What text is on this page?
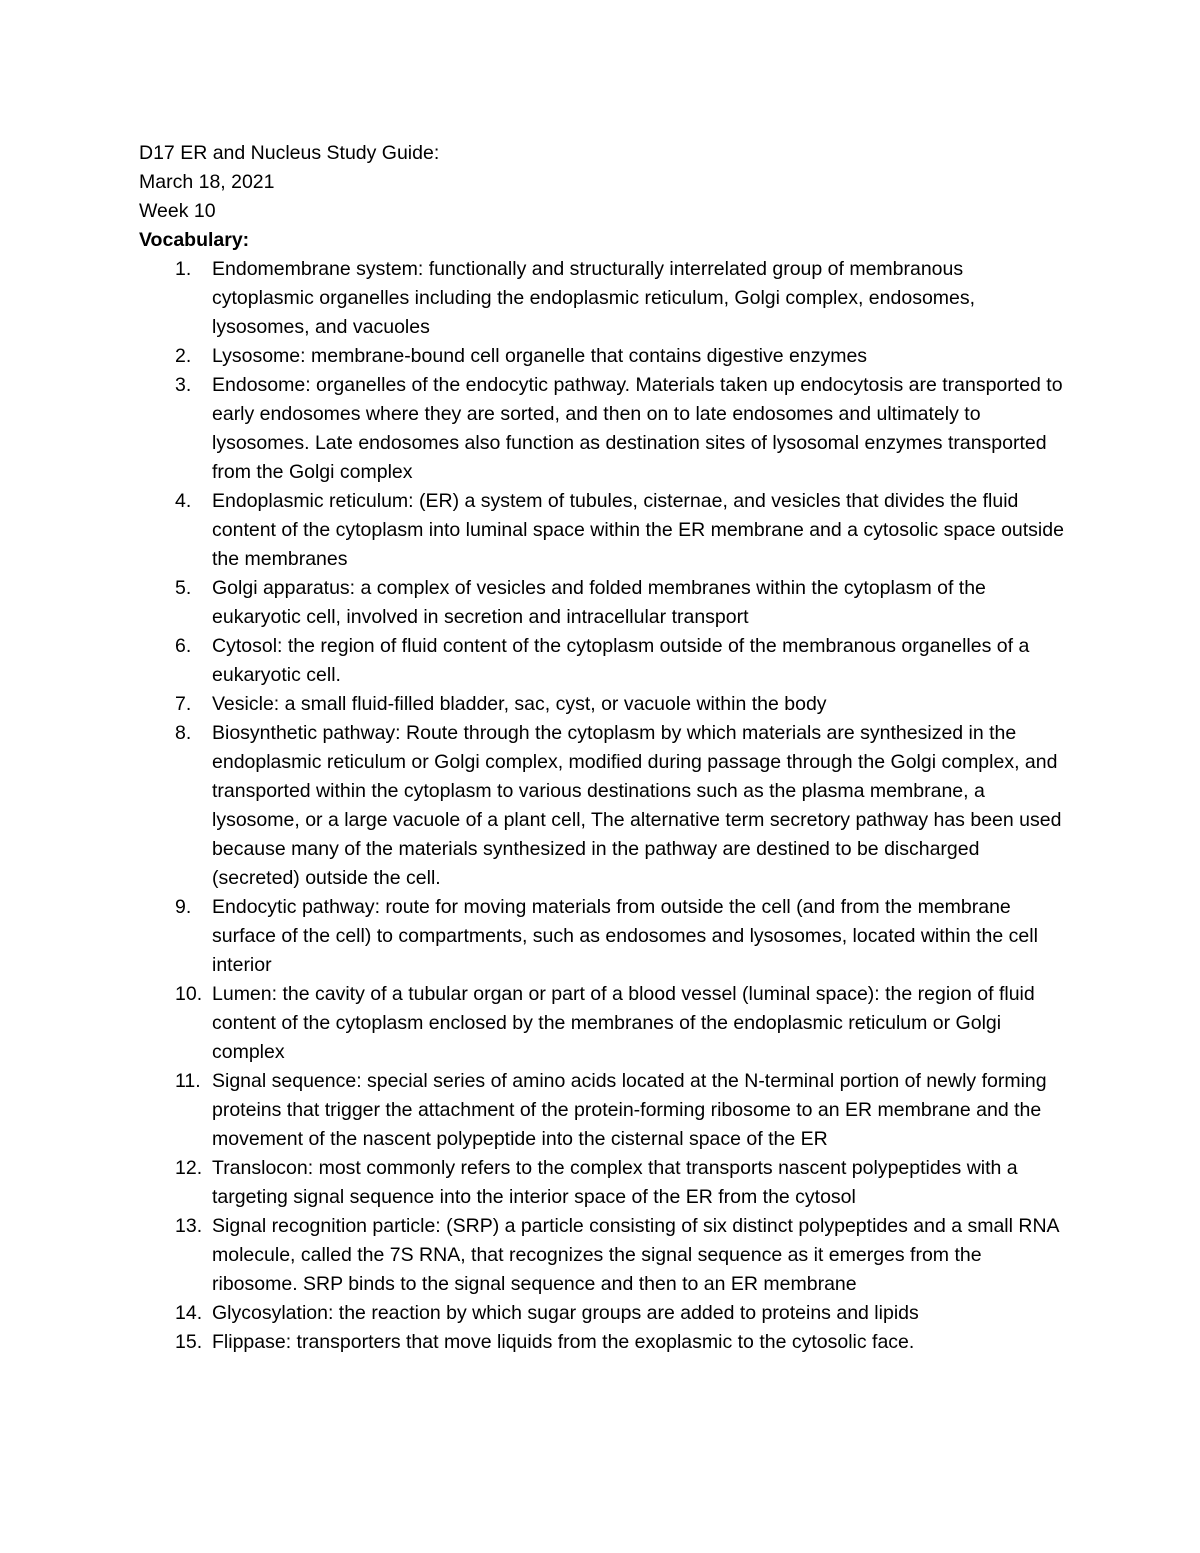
D17 ER and Nucleus Study Guide:

March 18, 2021

Week 10

Vocabulary:

1.	Endomembrane system: functionally and structurally interrelated group of membranous cytoplasmic organelles including the endoplasmic reticulum, Golgi complex, endosomes, lysosomes, and vacuoles
2.	Lysosome: membrane-bound cell organelle that contains digestive enzymes
3.	Endosome: organelles of the endocytic pathway. Materials taken up endocytosis are transported to early endosomes where they are sorted, and then on to late endosomes and ultimately to lysosomes. Late endosomes also function as destination sites of lysosomal enzymes transported from the Golgi complex
4.	Endoplasmic reticulum: (ER) a system of tubules, cisternae, and vesicles that divides the fluid content of the cytoplasm into luminal space within the ER membrane and a cytosolic space outside the membranes
5.	Golgi apparatus: a complex of vesicles and folded membranes within the cytoplasm of the eukaryotic cell, involved in secretion and intracellular transport
6.	Cytosol: the region of fluid content of the cytoplasm outside of the membranous organelles of a eukaryotic cell.
7.	Vesicle: a small fluid-filled bladder, sac, cyst, or vacuole within the body
8.	Biosynthetic pathway: Route through the cytoplasm by which materials are synthesized in the endoplasmic reticulum or Golgi complex, modified during passage through the Golgi complex, and transported within the cytoplasm to various destinations such as the plasma membrane, a lysosome, or a large vacuole of a plant cell, The alternative term secretory pathway has been used because many of the materials synthesized in the pathway are destined to be discharged (secreted) outside the cell.
9.	Endocytic pathway: route for moving materials from outside the cell (and from the membrane surface of the cell) to compartments, such as endosomes and lysosomes, located within the cell interior
10. Lumen: the cavity of a tubular organ or part of a blood vessel (luminal space): the region of fluid content of the cytoplasm enclosed by the membranes of the endoplasmic reticulum or Golgi complex
11. Signal sequence: special series of amino acids located at the N-terminal portion of newly forming proteins that trigger the attachment of the protein-forming ribosome to an ER membrane and the movement of the nascent polypeptide into the cisternal space of the ER
12. Translocon: most commonly refers to the complex that transports nascent polypeptides with a targeting signal sequence into the interior space of the ER from the cytosol
13. Signal recognition particle: (SRP) a particle consisting of six distinct polypeptides and a small RNA molecule, called the 7S RNA, that recognizes the signal sequence as it emerges from the ribosome. SRP binds to the signal sequence and then to an ER membrane
14. Glycosylation: the reaction by which sugar groups are added to proteins and lipids
15. Flippase: transporters that move liquids from the exoplasmic to the cytosolic face.
